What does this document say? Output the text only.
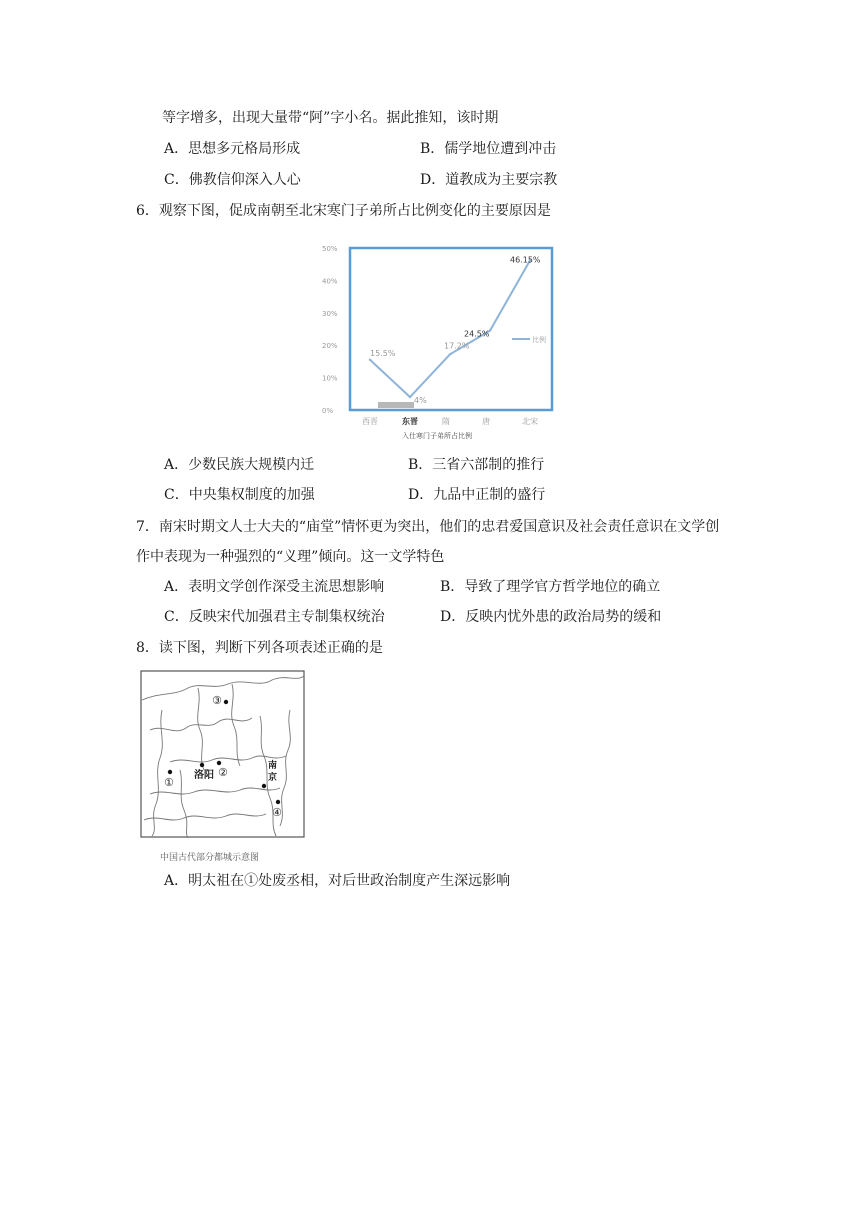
等字增多，出现大量带“阿”字小名。据此推知，该时期
A．思想多元格局形成	B．儒学地位遭到冲击
C．佛教信仰深入人心	D．道教成为主要宗教
6．观察下图，促成南朝至北宋寒门子弟所占比例变化的主要原因是
0%
10%
20%
30%
40%
50%
西晋	东晋	隋	唐	北宋
15.5%
4%
17.2%
24.5%
46.15%
比例
入仕寒门子弟所占比例
A．少数民族大规模内迁	B．三省六部制的推行
C．中央集权制度的加强	D．九品中正制的盛行
7．南宋时期文人士大夫的“庙堂”情怀更为突出，他们的忠君爱国意识及社会责任意识在文学创
作中表现为一种强烈的“义理”倾向。这一文学特色
A．表明文学创作深受主流思想影响	B．导致了理学官方哲学地位的确立
C．反映宋代加强君主专制集权统治	D．反映内忧外患的政治局势的缓和
8．读下图，判断下列各项表述正确的是
③
①
洛阳 ②	南
京
④
中国古代部分都城示意图
A．明太祖在①处废丞相，对后世政治制度产生深远影响
